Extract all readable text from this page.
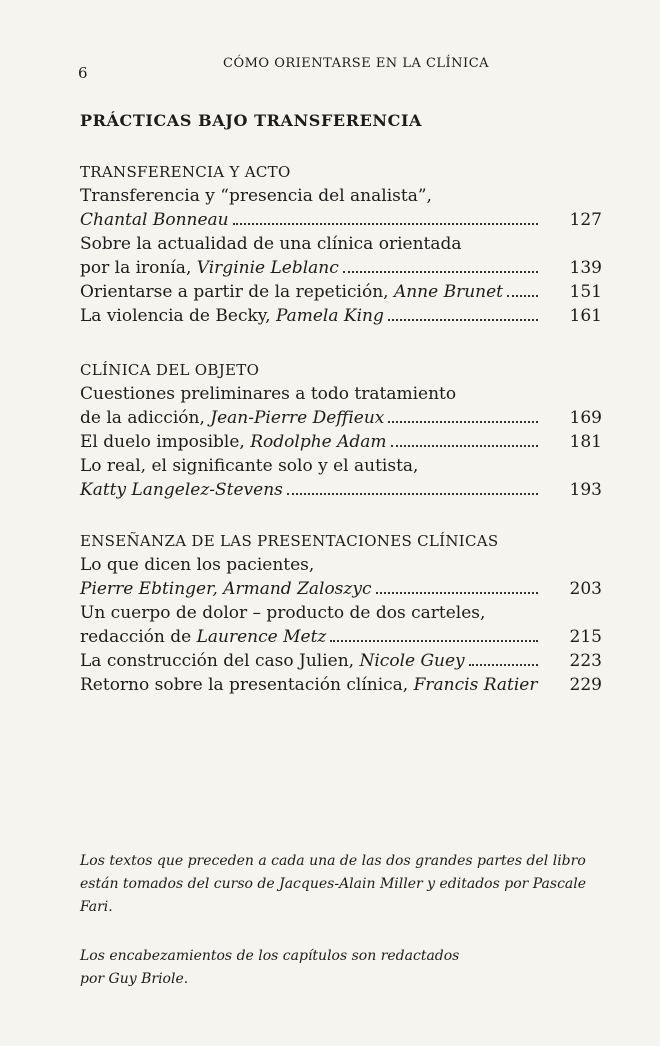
6
CÓMO ORIENTARSE EN LA CLÍNICA
PRÁCTICAS BAJO TRANSFERENCIA
TRANSFERENCIA Y ACTO
Transferencia y “presencia del analista”,
Chantal Bonneau	127
Sobre la actualidad de una clínica orientada
por la ironía, Virginie Leblanc	139
Orientarse a partir de la repetición, Anne Brunet	151
La violencia de Becky, Pamela King	161
CLÍNICA DEL OBJETO
Cuestiones preliminares a todo tratamiento
de la adicción, Jean-Pierre Deffieux	169
El duelo imposible, Rodolphe Adam	181
Lo real, el significante solo y el autista,
Katty Langelez-Stevens	193
ENSEÑANZA DE LAS PRESENTACIONES CLÍNICAS
Lo que dicen los pacientes,
Pierre Ebtinger, Armand Zaloszyc	203
Un cuerpo de dolor – producto de dos carteles,
redacción de Laurence Metz	215
La construcción del caso Julien, Nicole Guey	223
Retorno sobre la presentación clínica, Francis Ratier	229
Los textos que preceden a cada una de las dos grandes partes del libro
están tomados del curso de Jacques-Alain Miller y editados por Pascale
Fari.
Los encabezamientos de los capítulos son redactados
por Guy Briole.
